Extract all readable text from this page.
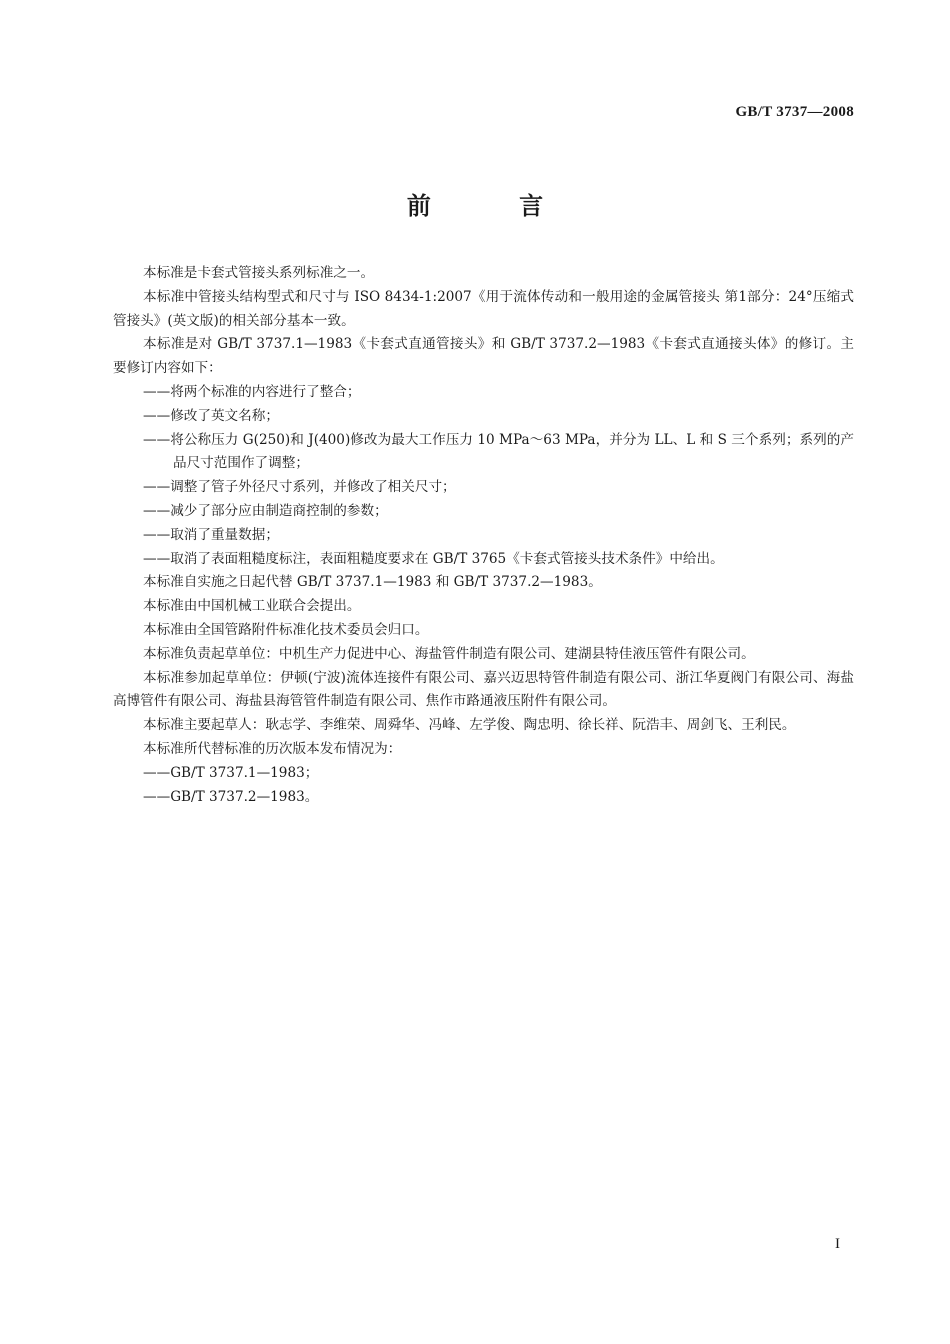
GB/T 3737—2008
前 言

本标准是卡套式管接头系列标准之一。

本标准中管接头结构型式和尺寸与 ISO 8434-1:2007《用于流体传动和一般用途的金属管接头 第1部分：24°压缩式管接头》(英文版)的相关部分基本一致。

本标准是对 GB/T 3737.1—1983《卡套式直通管接头》和 GB/T 3737.2—1983《卡套式直通接头体》的修订。主要修订内容如下：

——将两个标准的内容进行了整合；

——修改了英文名称；

——将公称压力 G(250)和 J(400)修改为最大工作压力 10 MPa～63 MPa，并分为 LL、L 和 S 三个系列；系列的产品尺寸范围作了调整；

——调整了管子外径尺寸系列，并修改了相关尺寸；

——减少了部分应由制造商控制的参数；

——取消了重量数据；

——取消了表面粗糙度标注，表面粗糙度要求在 GB/T 3765《卡套式管接头技术条件》中给出。

本标准自实施之日起代替 GB/T 3737.1—1983 和 GB/T 3737.2—1983。

本标准由中国机械工业联合会提出。

本标准由全国管路附件标准化技术委员会归口。

本标准负责起草单位：中机生产力促进中心、海盐管件制造有限公司、建湖县特佳液压管件有限公司。

本标准参加起草单位：伊顿(宁波)流体连接件有限公司、嘉兴迈思特管件制造有限公司、浙江华夏阀门有限公司、海盐高博管件有限公司、海盐县海管管件制造有限公司、焦作市路通液压附件有限公司。

本标准主要起草人：耿志学、李维荣、周舜华、冯峰、左学俊、陶忠明、徐长祥、阮浩丰、周剑飞、王利民。

本标准所代替标准的历次版本发布情况为：

——GB/T 3737.1—1983；

——GB/T 3737.2—1983。

I
